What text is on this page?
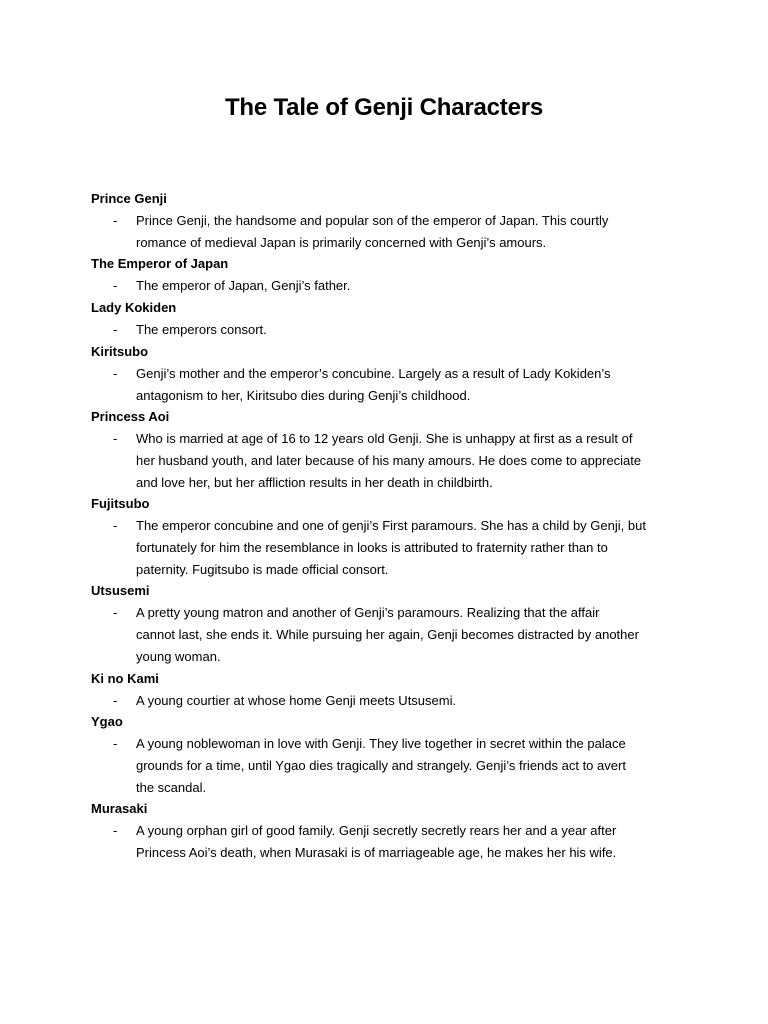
The Tale of Genji Characters
Prince Genji
-	Prince Genji, the handsome and popular son of the emperor of Japan. This courtly
romance of medieval Japan is primarily concerned with Genji’s amours.
The Emperor of Japan
-	The emperor of Japan, Genji’s father.
Lady Kokiden
-	The emperors consort.
Kiritsubo
-	Genji’s mother and the emperor’s concubine. Largely as a result of Lady Kokiden’s
antagonism to her, Kiritsubo dies during Genji’s childhood.
Princess Aoi
-	Who is married at age of 16 to 12 years old Genji. She is unhappy at first as a result of
her husband youth, and later because of his many amours. He does come to appreciate
and love her, but her affliction results in her death in childbirth.
Fujitsubo
-	The emperor concubine and one of genji’s First paramours. She has a child by Genji, but
fortunately for him the resemblance in looks is attributed to fraternity rather than to
paternity. Fugitsubo is made official consort.
Utsusemi
-	A pretty young matron and another of Genji’s paramours. Realizing that the affair
cannot last, she ends it. While pursuing her again, Genji becomes distracted by another
young woman.
Ki no Kami
-	A young courtier at whose home Genji meets Utsusemi.
Ygao
-	A young noblewoman in love with Genji. They live together in secret within the palace
grounds for a time, until Ygao dies tragically and strangely. Genji’s friends act to avert
the scandal.
Murasaki
-	A young orphan girl of good family. Genji secretly secretly rears her and a year after
Princess Aoi’s death, when Murasaki is of marriageable age, he makes her his wife.
